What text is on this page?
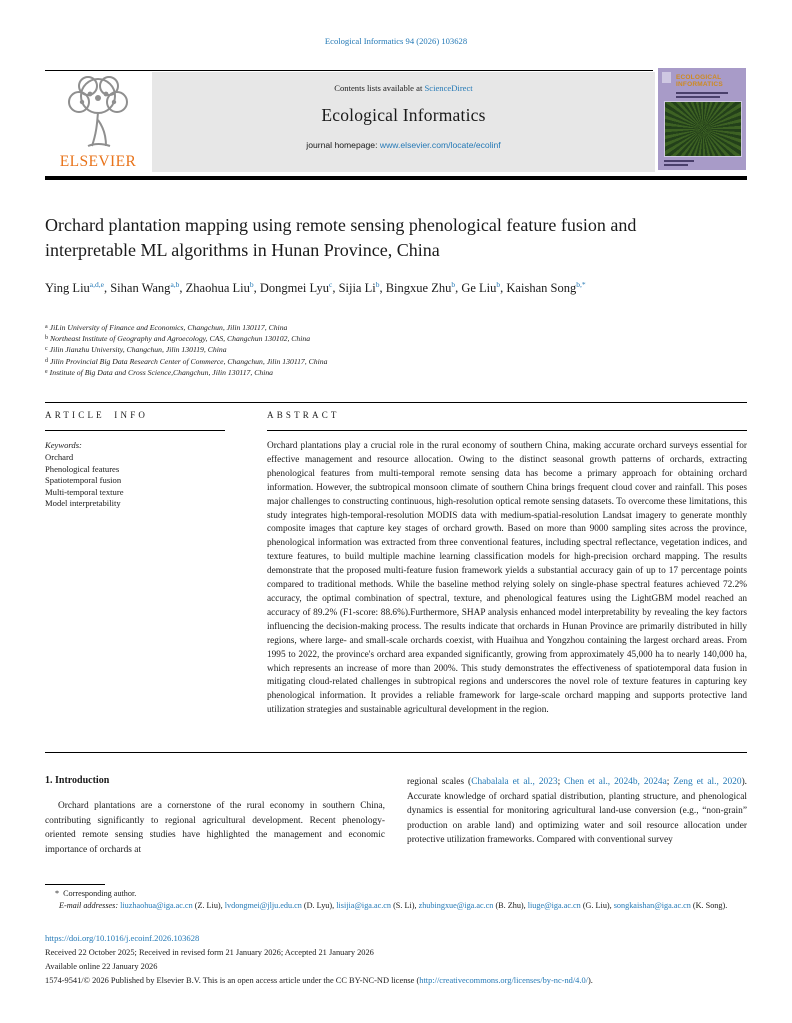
Ecological Informatics 94 (2026) 103628
ELSEVIER
Contents lists available at ScienceDirect
Ecological Informatics
journal homepage: www.elsevier.com/locate/ecolinf
ECOLOGICAL
INFORMATICS
Orchard plantation mapping using remote sensing phenological feature fusion and interpretable ML algorithms in Hunan Province, China
Ying Liu$^{a,d,e}$, Sihan Wang$^{a,b}$, Zhaohua Liu$^b$, Dongmei Lyu$^c$, Sijia Li$^b$, Bingxue Zhu$^b$, Ge Liu$^b$, Kaishan Song$^{b,*}$
$^a$ JiLin University of Finance and Economics, Changchun, Jilin 130117, China
$^b$ Northeast Institute of Geography and Agroecology, CAS, Changchun 130102, China
$^c$ Jilin Jianzhu University, Changchun, Jilin 130119, China
$^d$ Jilin Provincial Big Data Research Center of Commerce, Changchun, Jilin 130117, China
$^e$ Institute of Big Data and Cross Science,Changchun, Jilin 130117, China
ARTICLE INFO
Keywords:
Orchard
Phenological features
Spatiotemporal fusion
Multi-temporal texture
Model interpretability
ABSTRACT
Orchard plantations play a crucial role in the rural economy of southern China, making accurate orchard surveys essential for effective management and resource allocation. Owing to the distinct seasonal growth patterns of orchards, extracting phenological features from multi-temporal remote sensing data has become a primary approach for obtaining orchard information. However, the subtropical monsoon climate of southern China brings frequent cloud cover and rainfall. This poses major challenges to constructing continuous, high-resolution optical remote sensing datasets. To overcome these limitations, this study integrates high-temporal-resolution MODIS data with medium-spatial-resolution Landsat imagery to generate monthly composite images that capture key stages of orchard growth. Based on more than 9000 sampling sites across the province, phenological information was extracted from three conventional features, including spectral reflectance, vegetation indices, and texture features, to build multiple machine learning classification models for high-precision orchard mapping. The results demonstrate that the proposed multi-feature fusion framework yields a substantial accuracy gain of up to 17 percentage points compared to traditional methods. While the baseline method relying solely on single-phase spectral features achieved 72.2% accuracy, the optimal combination of spectral, texture, and phenological features using the LightGBM model reached an accuracy of 89.2% (F1-score: 88.6%).Furthermore, SHAP analysis enhanced model interpretability by revealing the key factors influencing the decision-making process. The results indicate that orchards in Hunan Province are primarily distributed in hilly regions, where large- and small-scale orchards coexist, with Huaihua and Yongzhou containing the largest orchard areas. From 1995 to 2022, the province's orchard area expanded significantly, growing from approximately 45,000 ha to nearly 140,000 ha, which represents an increase of more than 200%. This study demonstrates the effectiveness of spatiotemporal data fusion in mitigating cloud-related challenges in subtropical regions and underscores the novel role of texture features in capturing key phenological information. It provides a reliable framework for large-scale orchard mapping and supports protective land utilization strategies and sustainable agricultural development in the region.
1. Introduction
Orchard plantations are a cornerstone of the rural economy in southern China, contributing significantly to regional agricultural development. Recent phenology-oriented remote sensing studies have highlighted the management and economic importance of orchards at
regional scales (Chabalala et al., 2023; Chen et al., 2024b, 2024a; Zeng et al., 2020). Accurate knowledge of orchard spatial distribution, planting structure, and phenological dynamics is essential for monitoring agricultural land-use conversion (e.g., “non-grain” production on arable land) and optimizing water and soil resource allocation under protective utilization frameworks. Compared with conventional survey
* Corresponding author.
E-mail addresses: liuzhaohua@iga.ac.cn (Z. Liu), lvdongmei@jlju.edu.cn (D. Lyu), lisijia@iga.ac.cn (S. Li), zhubingxue@iga.ac.cn (B. Zhu), liuge@iga.ac.cn (G. Liu), songkaishan@iga.ac.cn (K. Song).
https://doi.org/10.1016/j.ecoinf.2026.103628
Received 22 October 2025; Received in revised form 21 January 2026; Accepted 21 January 2026
Available online 22 January 2026
1574-9541/© 2026 Published by Elsevier B.V. This is an open access article under the CC BY-NC-ND license (http://creativecommons.org/licenses/by-nc-nd/4.0/).
